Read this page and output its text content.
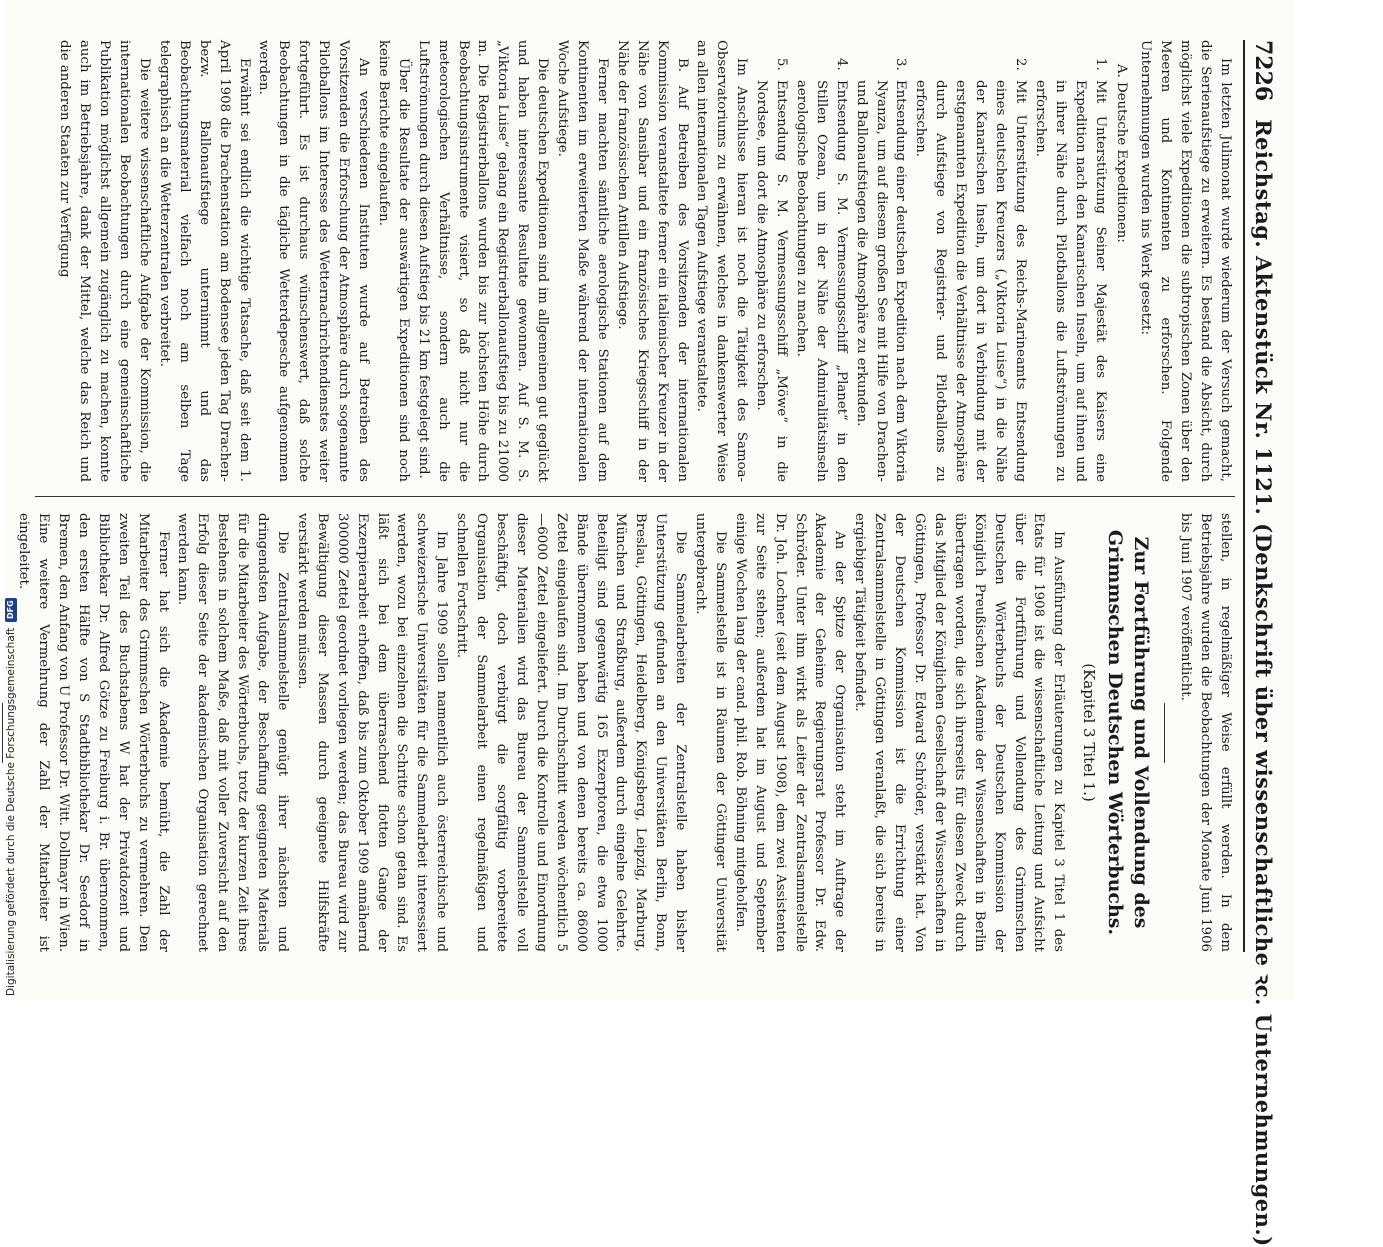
7226
Reichstag. Aktenstück Nr. 1121. (Denkschrift über wissenschaftliche ꝛc. Unternehmungen.)

Im letzten Julimonat wurde wiederum der Versuch gemacht, die Serienaufstiege zu erweitern. Es bestand die Absicht, durch möglichst viele Expeditionen die subtropischen Zonen über den Meeren und Kontinenten zu erforschen. Folgende Unternehmungen wurden ins Werk gesetzt:

A. Deutsche Expeditionen:
1.
Mit Unterstützung Seiner Majestät des Kaisers eine Expedition nach den Kanarischen Inseln, um auf ihnen und in ihrer Nähe durch Pilotballons die Luftströmungen zu erforschen.
2.
Mit Unterstützung des Reichs-Marineamts Entsendung eines deutschen Kreuzers („Viktoria Luise“) in die Nähe der Kanarischen Inseln, um dort in Verbindung mit der erstgenannten Expedition die Verhältnisse der Atmosphäre durch Aufstiege von Registrier- und Pilotballons zu erforschen.
3.
Entsendung einer deutschen Expedition nach dem Viktoria Nyanza, um auf diesem großen See mit Hilfe von Drachen- und Ballonaufstiegen die Atmosphäre zu erkunden.
4.
Entsendung S. M. Vermessungsschiff „Planet“ in den Stillen Ozean, um in der Nähe der Admiralitätsinseln aerologische Beobachtungen zu machen.
5.
Entsendung S. M. Vermessungsschiff „Möwe“ in die Nordsee, um dort die Atmosphäre zu erforschen.

Im Anschlusse hieran ist noch die Tätigkeit des Samoa-Observatoriums zu erwähnen, welches in dankenswerter Weise an allen internationalen Tagen Aufstiege veranstaltete.

B. Auf Betreiben des Vorsitzenden der internationalen Kommission veranstaltete ferner ein italienischer Kreuzer in der Nähe von Sansibar und ein französisches Kriegsschiff in der Nähe der französischen Antillen Aufstiege.

Ferner machten sämtliche aerologische Stationen auf dem Kontinenten im erweiterten Maße während der internationalen Woche Aufstiege.

Die deutschen Expeditionen sind im allgemeinen gut geglückt und haben interessante Resultate gewonnen. Auf S. M. S. „Viktoria Luise“ gelang ein Registrierballonaufstieg bis zu 21000 m. Die Registrierballons wurden bis zur höchsten Höhe durch Beobachtungsinstrumente visiert, so daß nicht nur die meteorologischen Verhältnisse, sondern auch die Luftströmungen durch diesen Aufstieg bis 21 km festgelegt sind.

Über die Resultate der auswärtigen Expeditionen sind noch keine Berichte eingelaufen.

An verschiedenen Instituten wurde auf Betreiben des Vorsitzenden die Erforschung der Atmosphäre durch sogenannte Pilotballons im Interesse des Wetternachrichtendienstes weiter fortgeführt. Es ist durchaus wünschenswert, daß solche Beobachtungen in die tägliche Wetterdepesche aufgenommen werden.

Erwähnt sei endlich die wichtige Tatsache, daß seit dem 1. April 1908 die Drachenstation am Bodensee jeden Tag Drachen- bezw. Ballonaufstiege unternimmt und das Beobachtungsmaterial vielfach noch am selben Tage telegraphisch an die Wetterzentralen verbreitet.

Die weitere wissenschaftliche Aufgabe der Kommission, die internationalen Beobachtungen durch eine gemeinschaftliche Publikation möglichst allgemein zugänglich zu machen, konnte auch im Betriebsjahre, dank der Mittel, welche das Reich und die anderen Staaten zur Verfügung

stellen, in regelmäßiger Weise erfüllt werden. In dem Betriebsjahre wurden die Beobachtungen der Monate Juni 1906 bis Juni 1907 veröffentlicht.

Zur Fortführung und Vollendung des Grimmschen Deutschen Wörterbuchs.
(Kapitel 3 Titel 1.)

Im Ausführung der Erläuterungen zu Kapitel 3 Titel 1 des Etats für 1908 ist die wissenschaftliche Leitung und Aufsicht über die Fortführung und Vollendung des Grimmschen Deutschen Wörterbuchs der Deutschen Kommission der Königlich Preußischen Akademie der Wissenschaften in Berlin übertragen worden, die sich ihrerseits für diesen Zweck durch das Mitglied der Königlichen Gesellschaft der Wissenschaften in Göttingen, Professor Dr. Edward Schröder, verstärkt hat. Von der Deutschen Kommission ist die Errichtung einer Zentralsammelstelle in Göttingen veranlaßt, die sich bereits in ergiebiger Tätigkeit befindet.

An der Spitze der Organisation steht im Auftrage der Akademie der Geheime Regierungsrat Professor Dr. Edw. Schröder. Unter ihm wirkt als Leiter der Zentralsammelstelle Dr. Joh. Lochner (seit dem August 1908), dem zwei Assistenten zur Seite stehen; außerdem hat im August und September einige Wochen lang der cand. phil. Rob. Böhning mitgeholfen.

Die Sammelstelle ist in Räumen der Göttinger Universität untergebracht.

Die Sammelarbeiten der Zentralstelle haben bisher Unterstützung gefunden an den Universitäten Berlin, Bonn, Breslau, Göttingen, Heidelberg, Königsberg, Leipzig, Marburg, München und Straßburg, außerdem durch eingelne Gelehrte. Beteiligt sind gegenwärtig 165 Exzerptoren, die etwa 1000 Bände übernommen haben und von denen bereits ca. 86000 Zettel eingelaufen sind. Im Durchschnitt werden wöchentlich 5—6000 Zettel eingeliefert. Durch die Kontrolle und Einordnung dieser Materialien wird das Bureau der Sammelstelle voll beschäftigt, doch verbürgt die sorgfältig vorbereitete Organisation der Sammelarbeit einen regelmäßigen und schnellen Fortschritt.

Im Jahre 1909 sollen namentlich auch österreichische und schweizerische Universitäten für die Sammelarbeit interessiert werden, wozu bei einzelnen die Schritte schon getan sind. Es läßt sich bei dem überraschend flotten Gange der Exzerpierarbeit erhoffen, daß bis zum Oktober 1909 annähernd 300000 Zettel geordnet vorliegen werden; das Bureau wird zur Bewältigung dieser Massen durch geeignete Hilfskräfte verstärkt werden müssen.

Die Zentralsammelstelle genügt ihrer nächsten und dringendsten Aufgabe, der Beschaffung geeigneten Materials für die Mitarbeiter des Wörterbuchs, trotz der kurzen Zeit ihres Bestehens in solchem Maße, daß mit voller Zuversicht auf den Erfolg dieser Seite der akademischen Organisation gerechnet werden kann.

Ferner hat sich die Akademie bemüht, die Zahl der Mitarbeiter des Grimmschen Wörterbuchs zu vermehren. Den zweiten Teil des Buchstabens W hat der Privatdozent und Bibliothekar Dr. Alfred Götze zu Freiburg i. Br. übernommen, den ersten Hälfte von S Stadtbibliothekar Dr. Seedorf in Bremen, den Anfang von U Professor Dr. Witt. Dollmayr in Wien. Eine weitere Vermehrung der Zahl der Mitarbeiter ist eingeleitet.

Digitalisierung gefördert durch die Deutsche Forschungsgemeinschaft
DFG
